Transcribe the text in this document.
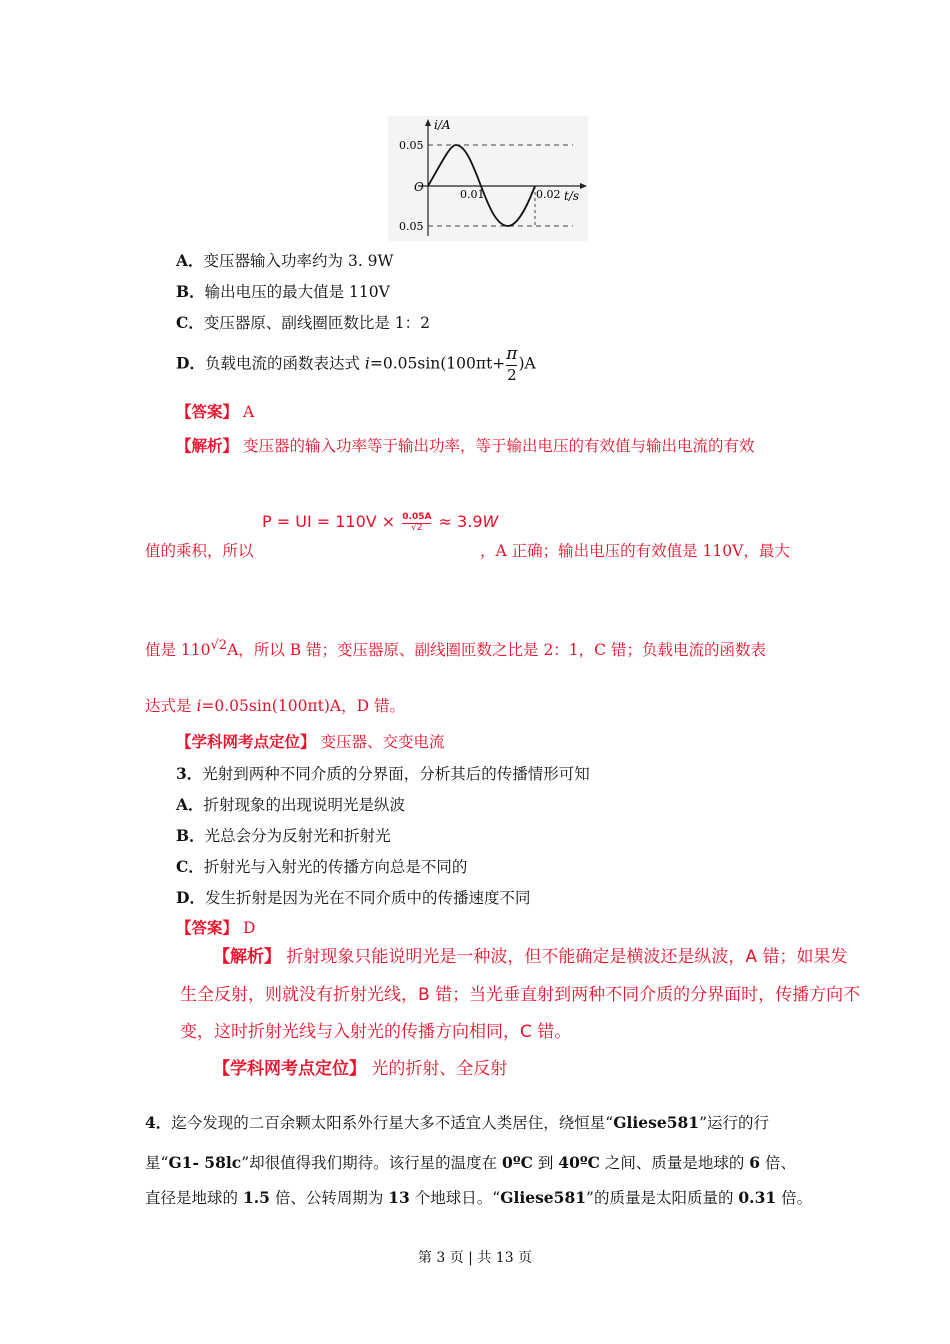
i/A
0.05
O
0.05
0.01	0.02 t/s
A．变压器输入功率约为 3. 9W
B．输出电压的最大值是 110V
C．变压器原、副线圈匝数比是 1：2
D．负载电流的函数表达式 $i=0.05\sin(100\pi t+ \frac{\pi}{2} )A$
【答案】 A
【解析】 变压器的输入功率等于输出功率，等于输出电压的有效值与输出电流的有效
P = UI = $110V \times \frac{0.05A}{√2} \approx 3.9W$
值的乘积，所以	，A 正确；输出电压的有效值是 110V，最大
值是 $110^{√2}A$，所以 B 错；变压器原、副线圈匝数之比是 2：1，C 错；负载电流的函数表
达式是 i=0.05sin(100πt)A，D 错。
【学科网考点定位】 变压器、交变电流
3．光射到两种不同介质的分界面，分析其后的传播情形可知
A．折射现象的出现说明光是纵波
B．光总会分为反射光和折射光
C．折射光与入射光的传播方向总是不同的
D．发生折射是因为光在不同介质中的传播速度不同
【答案】 D
【解析】 折射现象只能说明光是一种波，但不能确定是横波还是纵波，A 错；如果发
生全反射，则就没有折射光线，B 错；当光垂直射到两种不同介质的分界面时，传播方向不
变，这时折射光线与入射光的传播方向相同，C 错。
【学科网考点定位】 光的折射、全反射
4．迄今发现的二百余颗太阳系外行星大多不适宜人类居住，绕恒星“Gliese581”运行的行
星“G1- 58lc”却很值得我们期待。该行星的温度在 0ºC 到 40ºC 之间、质量是地球的 6 倍、
直径是地球的 1.5 倍、公转周期为 13 个地球日。“Gliese581”的质量是太阳质量的 0.31 倍。
第 3 页 | 共 13 页
